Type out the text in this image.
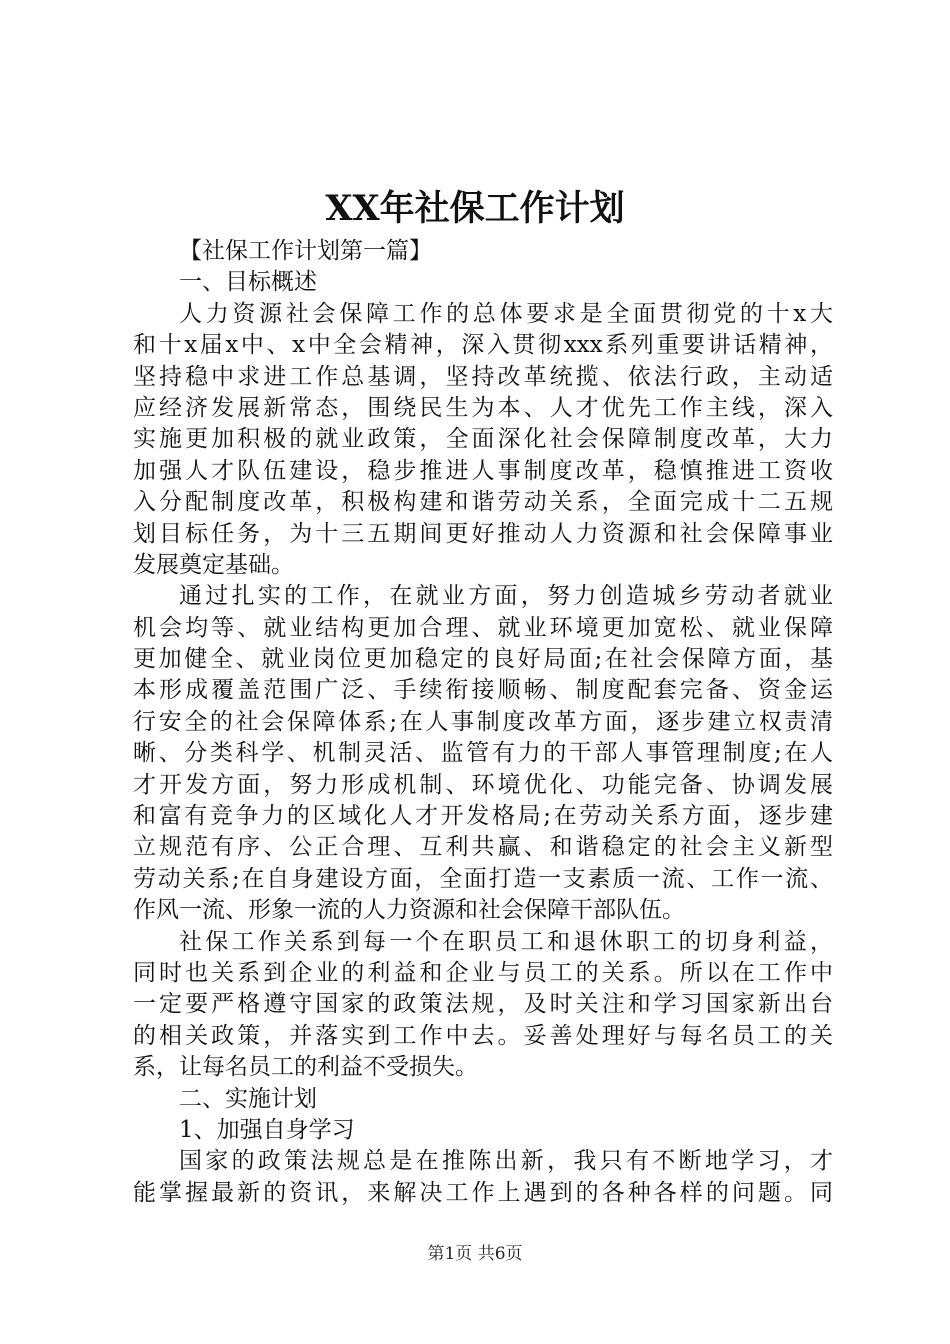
XX年社保工作计划
【社保工作计划第一篇】
一、目标概述
人力资源社会保障工作的总体要求是全面贯彻党的十x大
和十x届x中、x中全会精神，深入贯彻xxx系列重要讲话精神，
坚持稳中求进工作总基调，坚持改革统揽、依法行政，主动适
应经济发展新常态，围绕民生为本、人才优先工作主线，深入
实施更加积极的就业政策，全面深化社会保障制度改革，大力
加强人才队伍建设，稳步推进人事制度改革，稳慎推进工资收
入分配制度改革，积极构建和谐劳动关系，全面完成十二五规
划目标任务，为十三五期间更好推动人力资源和社会保障事业
发展奠定基础。
通过扎实的工作，在就业方面，努力创造城乡劳动者就业
机会均等、就业结构更加合理、就业环境更加宽松、就业保障
更加健全、就业岗位更加稳定的良好局面;在社会保障方面，基
本形成覆盖范围广泛、手续衔接顺畅、制度配套完备、资金运
行安全的社会保障体系;在人事制度改革方面，逐步建立权责清
晰、分类科学、机制灵活、监管有力的干部人事管理制度;在人
才开发方面，努力形成机制、环境优化、功能完备、协调发展
和富有竞争力的区域化人才开发格局;在劳动关系方面，逐步建
立规范有序、公正合理、互利共赢、和谐稳定的社会主义新型
劳动关系;在自身建设方面，全面打造一支素质一流、工作一流、
作风一流、形象一流的人力资源和社会保障干部队伍。
社保工作关系到每一个在职员工和退休职工的切身利益，
同时也关系到企业的利益和企业与员工的关系。所以在工作中
一定要严格遵守国家的政策法规，及时关注和学习国家新出台
的相关政策，并落实到工作中去。妥善处理好与每名员工的关
系，让每名员工的利益不受损失。
二、实施计划
1、加强自身学习
国家的政策法规总是在推陈出新，我只有不断地学习，才
能掌握最新的资讯，来解决工作上遇到的各种各样的问题。同
第1页 共6页
